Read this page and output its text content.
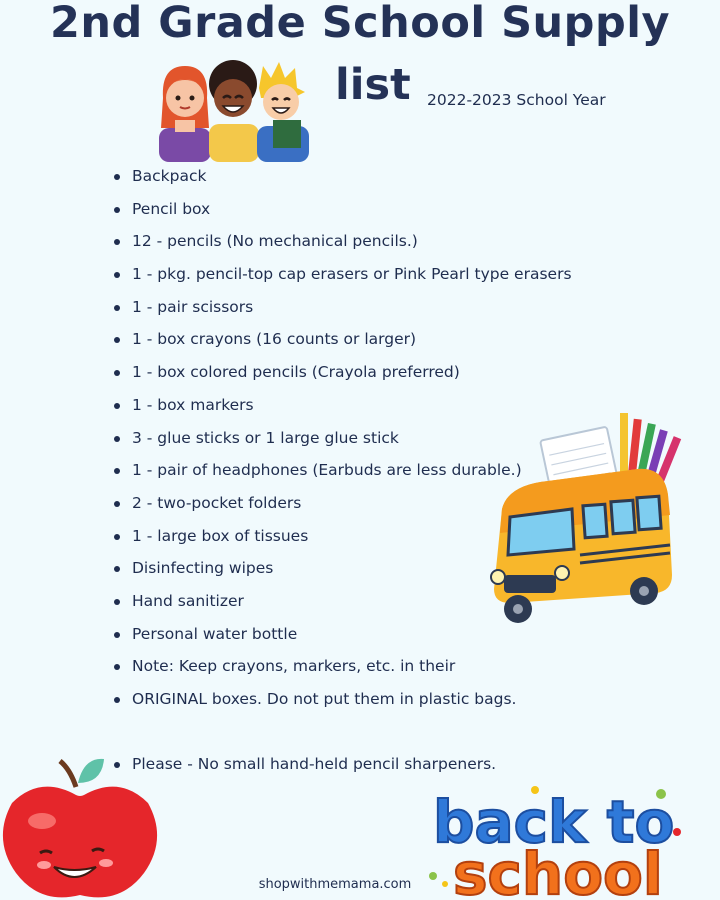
2nd Grade School Supply
list 2022-2023 School Year
Backpack
Pencil box
12 - pencils (No mechanical pencils.)
1 - pkg. pencil-top cap erasers or Pink Pearl type erasers
1 - pair scissors
1 - box crayons (16 counts or larger)
1 - box colored pencils (Crayola preferred)
1 - box markers
3 - glue sticks or 1 large glue stick
1 - pair of headphones (Earbuds are less durable.)
2 - two-pocket folders
1 - large box of tissues
Disinfecting wipes
Hand sanitizer
Personal water bottle
Note: Keep crayons, markers, etc. in their
ORIGINAL boxes. Do not put them in plastic bags.
Please - No small hand-held pencil sharpeners.
back to
school
shopwithmemama.com
